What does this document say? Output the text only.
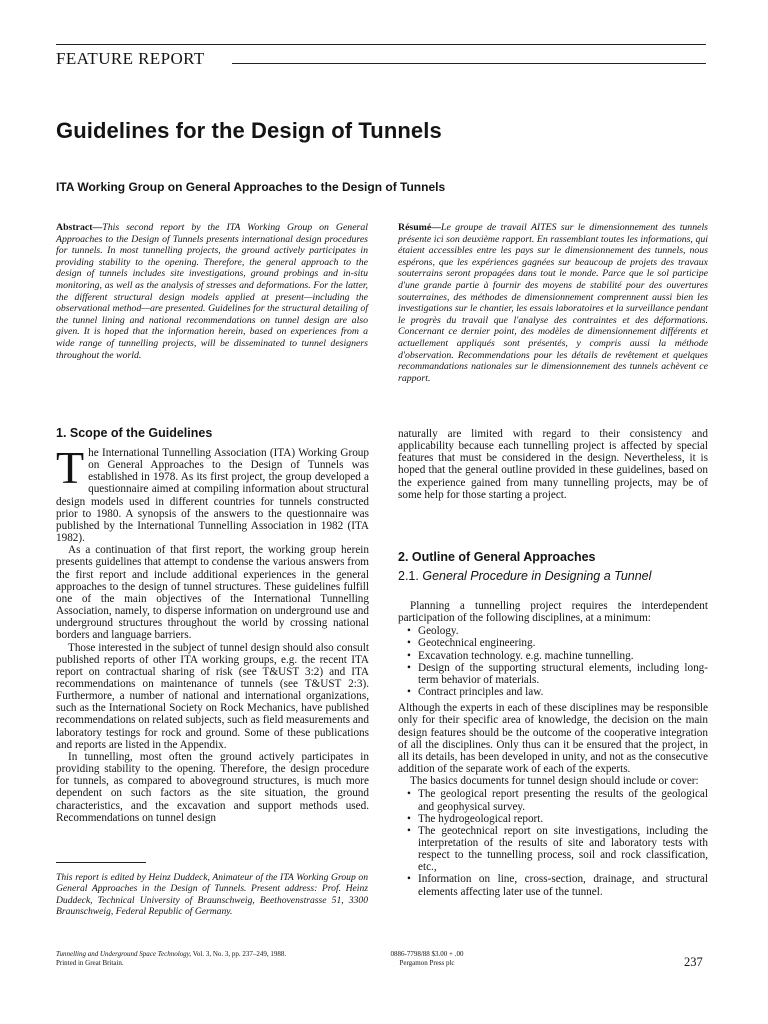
FEATURE REPORT
Guidelines for the Design of Tunnels
ITA Working Group on General Approaches to the Design of Tunnels
Abstract—This second report by the ITA Working Group on General Approaches to the Design of Tunnels presents international design procedures for tunnels. In most tunnelling projects, the ground actively participates in providing stability to the opening. Therefore, the general approach to the design of tunnels includes site investigations, ground probings and in-situ monitoring, as well as the analysis of stresses and deformations. For the latter, the different structural design models applied at present—including the observational method—are presented. Guidelines for the structural detailing of the tunnel lining and national recommendations on tunnel design are also given. It is hoped that the information herein, based on experiences from a wide range of tunnelling projects, will be disseminated to tunnel designers throughout the world.
Résumé—Le groupe de travail AITES sur le dimensionnement des tunnels présente ici son deuxième rapport. En rassemblant toutes les informations, qui étaient accessibles entre les pays sur le dimensionnement des tunnels, nous espérons, que les expériences gagnées sur beaucoup de projets des travaux souterrains seront propagées dans tout le monde. Parce que le sol participe d'une grande partie à fournir des moyens de stabilité pour des ouvertures souterraines, des méthodes de dimensionnement comprennent aussi bien les investigations sur le chantier, les essais laboratoires et la surveillance pendant le progrès du travail que l'analyse des contraintes et des déformations. Concernant ce dernier point, des modèles de dimensionnement différents et actuellement appliqués sont présentés, y compris aussi la méthode d'observation. Recommendations pour les détails de revêtement et quelques recommandations nationales sur le dimensionnement des tunnels achèvent ce rapport.
1. Scope of the Guidelines

The International Tunnelling Association (ITA) Working Group on General Approaches to the Design of Tunnels was established in 1978. As its first project, the group developed a questionnaire aimed at compiling information about structural design models used in different countries for tunnels constructed prior to 1980. A synopsis of the answers to the questionnaire was published by the International Tunnelling Association in 1982 (ITA 1982).

As a continuation of that first report, the working group herein presents guidelines that attempt to condense the various answers from the first report and include additional experiences in the general approaches to the design of tunnel structures. These guidelines fulfill one of the main objectives of the International Tunnelling Association, namely, to disperse information on underground use and underground structures throughout the world by crossing national borders and language barriers.

Those interested in the subject of tunnel design should also consult published reports of other ITA working groups, e.g. the recent ITA report on contractual sharing of risk (see T&UST 3:2) and ITA recommendations on maintenance of tunnels (see T&UST 2:3). Furthermore, a number of national and international organizations, such as the International Society on Rock Mechanics, have published recommendations on related subjects, such as field measurements and laboratory testings for rock and ground. Some of these publications and reports are listed in the Appendix.

In tunnelling, most often the ground actively participates in providing stability to the opening. Therefore, the design procedure for tunnels, as compared to aboveground structures, is much more dependent on such factors as the site situation, the ground characteristics, and the excavation and support methods used. Recommendations on tunnel design

naturally are limited with regard to their consistency and applicability because each tunnelling project is affected by special features that must be considered in the design. Nevertheless, it is hoped that the general outline provided in these guidelines, based on the experience gained from many tunnelling projects, may be of some help for those starting a project.

2. Outline of General Approaches
2.1. General Procedure in Designing a Tunnel

Planning a tunnelling project requires the interdependent participation of the following disciplines, at a minimum:

• Geology.
• Geotechnical engineering.
• Excavation technology. e.g. machine tunnelling.
• Design of the supporting structural elements, including long-term behavior of materials.
• Contract principles and law.

Although the experts in each of these disciplines may be responsible only for their specific area of knowledge, the decision on the main design features should be the outcome of the cooperative integration of all the disciplines. Only thus can it be ensured that the project, in all its details, has been developed in unity, and not as the consecutive addition of the separate work of each of the experts.

The basics documents for tunnel design should include or cover:

• The geological report presenting the results of the geological and geophysical survey.
• The hydrogeological report.
• The geotechnical report on site investigations, including the interpretation of the results of site and laboratory tests with respect to the tunnelling process, soil and rock classification, etc.,
• Information on line, cross-section, drainage, and structural elements affecting later use of the tunnel.
This report is edited by Heinz Duddeck, Animateur of the ITA Working Group on General Approaches in the Design of Tunnels. Present address: Prof. Heinz Duddeck, Technical University of Braunschweig, Beethovenstrasse 51, 3300 Braunschweig, Federal Republic of Germany.
Tunnelling and Underground Space Technology, Vol. 3, No. 3, pp. 237–249, 1988.
Printed in Great Britain.
0886-7798/88 $3.00 + .00
Pergamon Press plc	237
